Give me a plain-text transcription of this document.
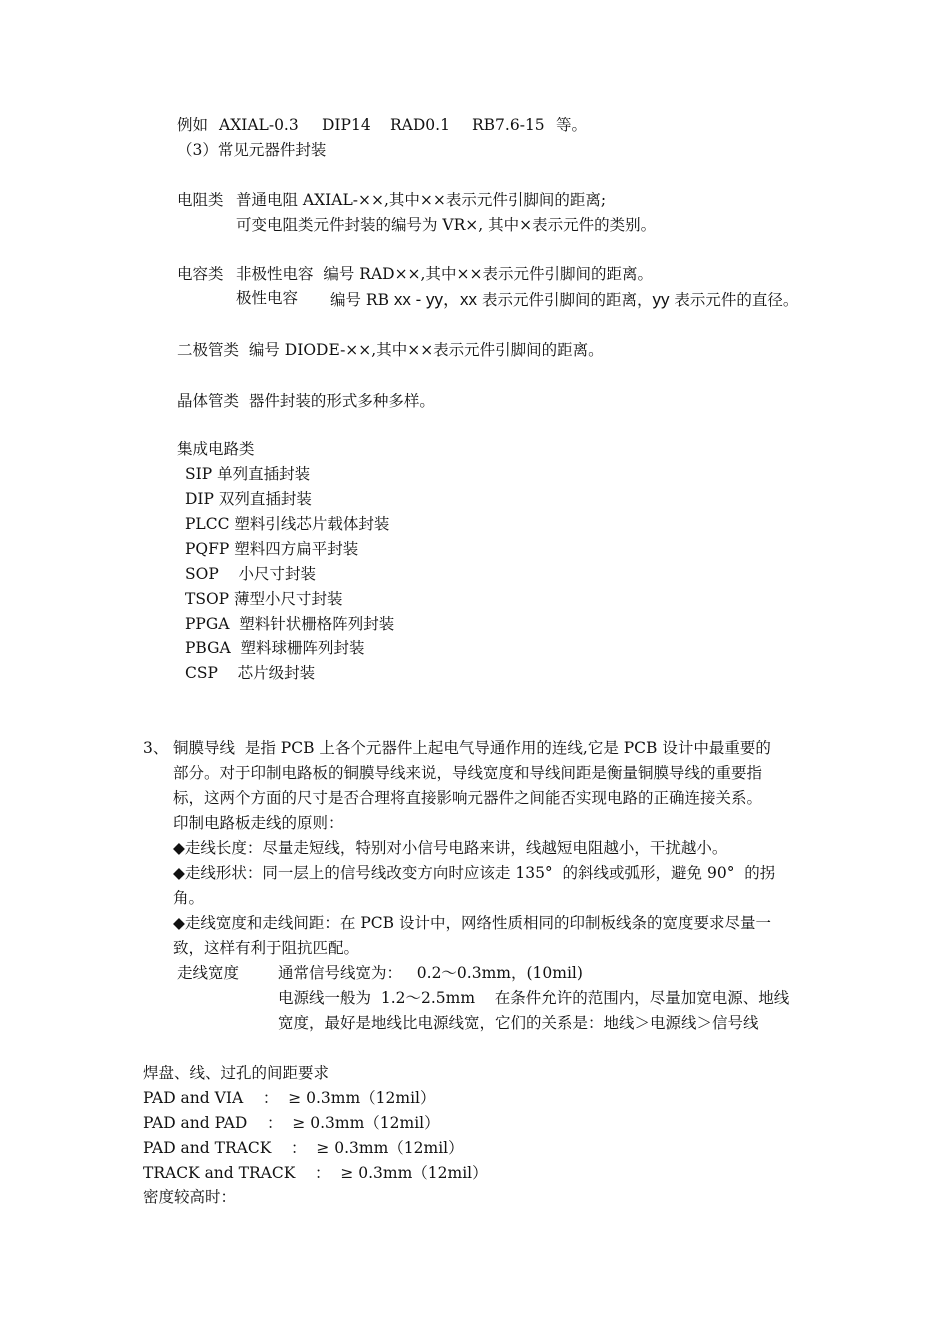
例如 AXIAL-0.3 DIP14 RAD0.1 RB7.6-15 等。
（3）常见元器件封装
电阻类 普通电阻 AXIAL-××,其中××表示元件引脚间的距离;
可变电阻类元件封装的编号为 VR×, 其中×表示元件的类别。
电容类 非极性电容  编号 RAD××,其中××表示元件引脚间的距离。
极性电容 编号 RB xx - yy，xx 表示元件引脚间的距离，yy 表示元件的直径。
二极管类  编号 DIODE-××,其中××表示元件引脚间的距离。
晶体管类  器件封装的形式多种多样。
集成电路类
SIP 单列直插封装
DIP 双列直插封装
PLCC 塑料引线芯片载体封装
PQFP 塑料四方扁平封装
SOP    小尺寸封装
TSOP 薄型小尺寸封装
PPGA  塑料针状栅格阵列封装
PBGA  塑料球栅阵列封装
CSP    芯片级封装
3、 铜膜导线  是指 PCB 上各个元器件上起电气导通作用的连线,它是 PCB 设计中最重要的
部分。对于印制电路板的铜膜导线来说，导线宽度和导线间距是衡量铜膜导线的重要指
标，这两个方面的尺寸是否合理将直接影响元器件之间能否实现电路的正确连接关系。
印制电路板走线的原则：
◆走线长度：尽量走短线，特别对小信号电路来讲，线越短电阻越小，干扰越小。
◆走线形状：同一层上的信号线改变方向时应该走 135°  的斜线或弧形，避免 90°  的拐
角。
◆走线宽度和走线间距：在 PCB 设计中，网络性质相同的印制板线条的宽度要求尽量一
致，这样有利于阻抗匹配。
走线宽度	通常信号线宽为：   0.2～0.3mm，(10mil)
电源线一般为  1.2～2.5mm    在条件允许的范围内，尽量加宽电源、地线
宽度，最好是地线比电源线宽，它们的关系是：地线＞电源线＞信号线
焊盘、线、过孔的间距要求
PAD and VIA    ：  ≥ 0.3mm（12mil）
PAD and PAD    ：  ≥ 0.3mm（12mil）
PAD and TRACK    ：  ≥ 0.3mm（12mil）
TRACK and TRACK    ：  ≥ 0.3mm（12mil）
密度较高时：
